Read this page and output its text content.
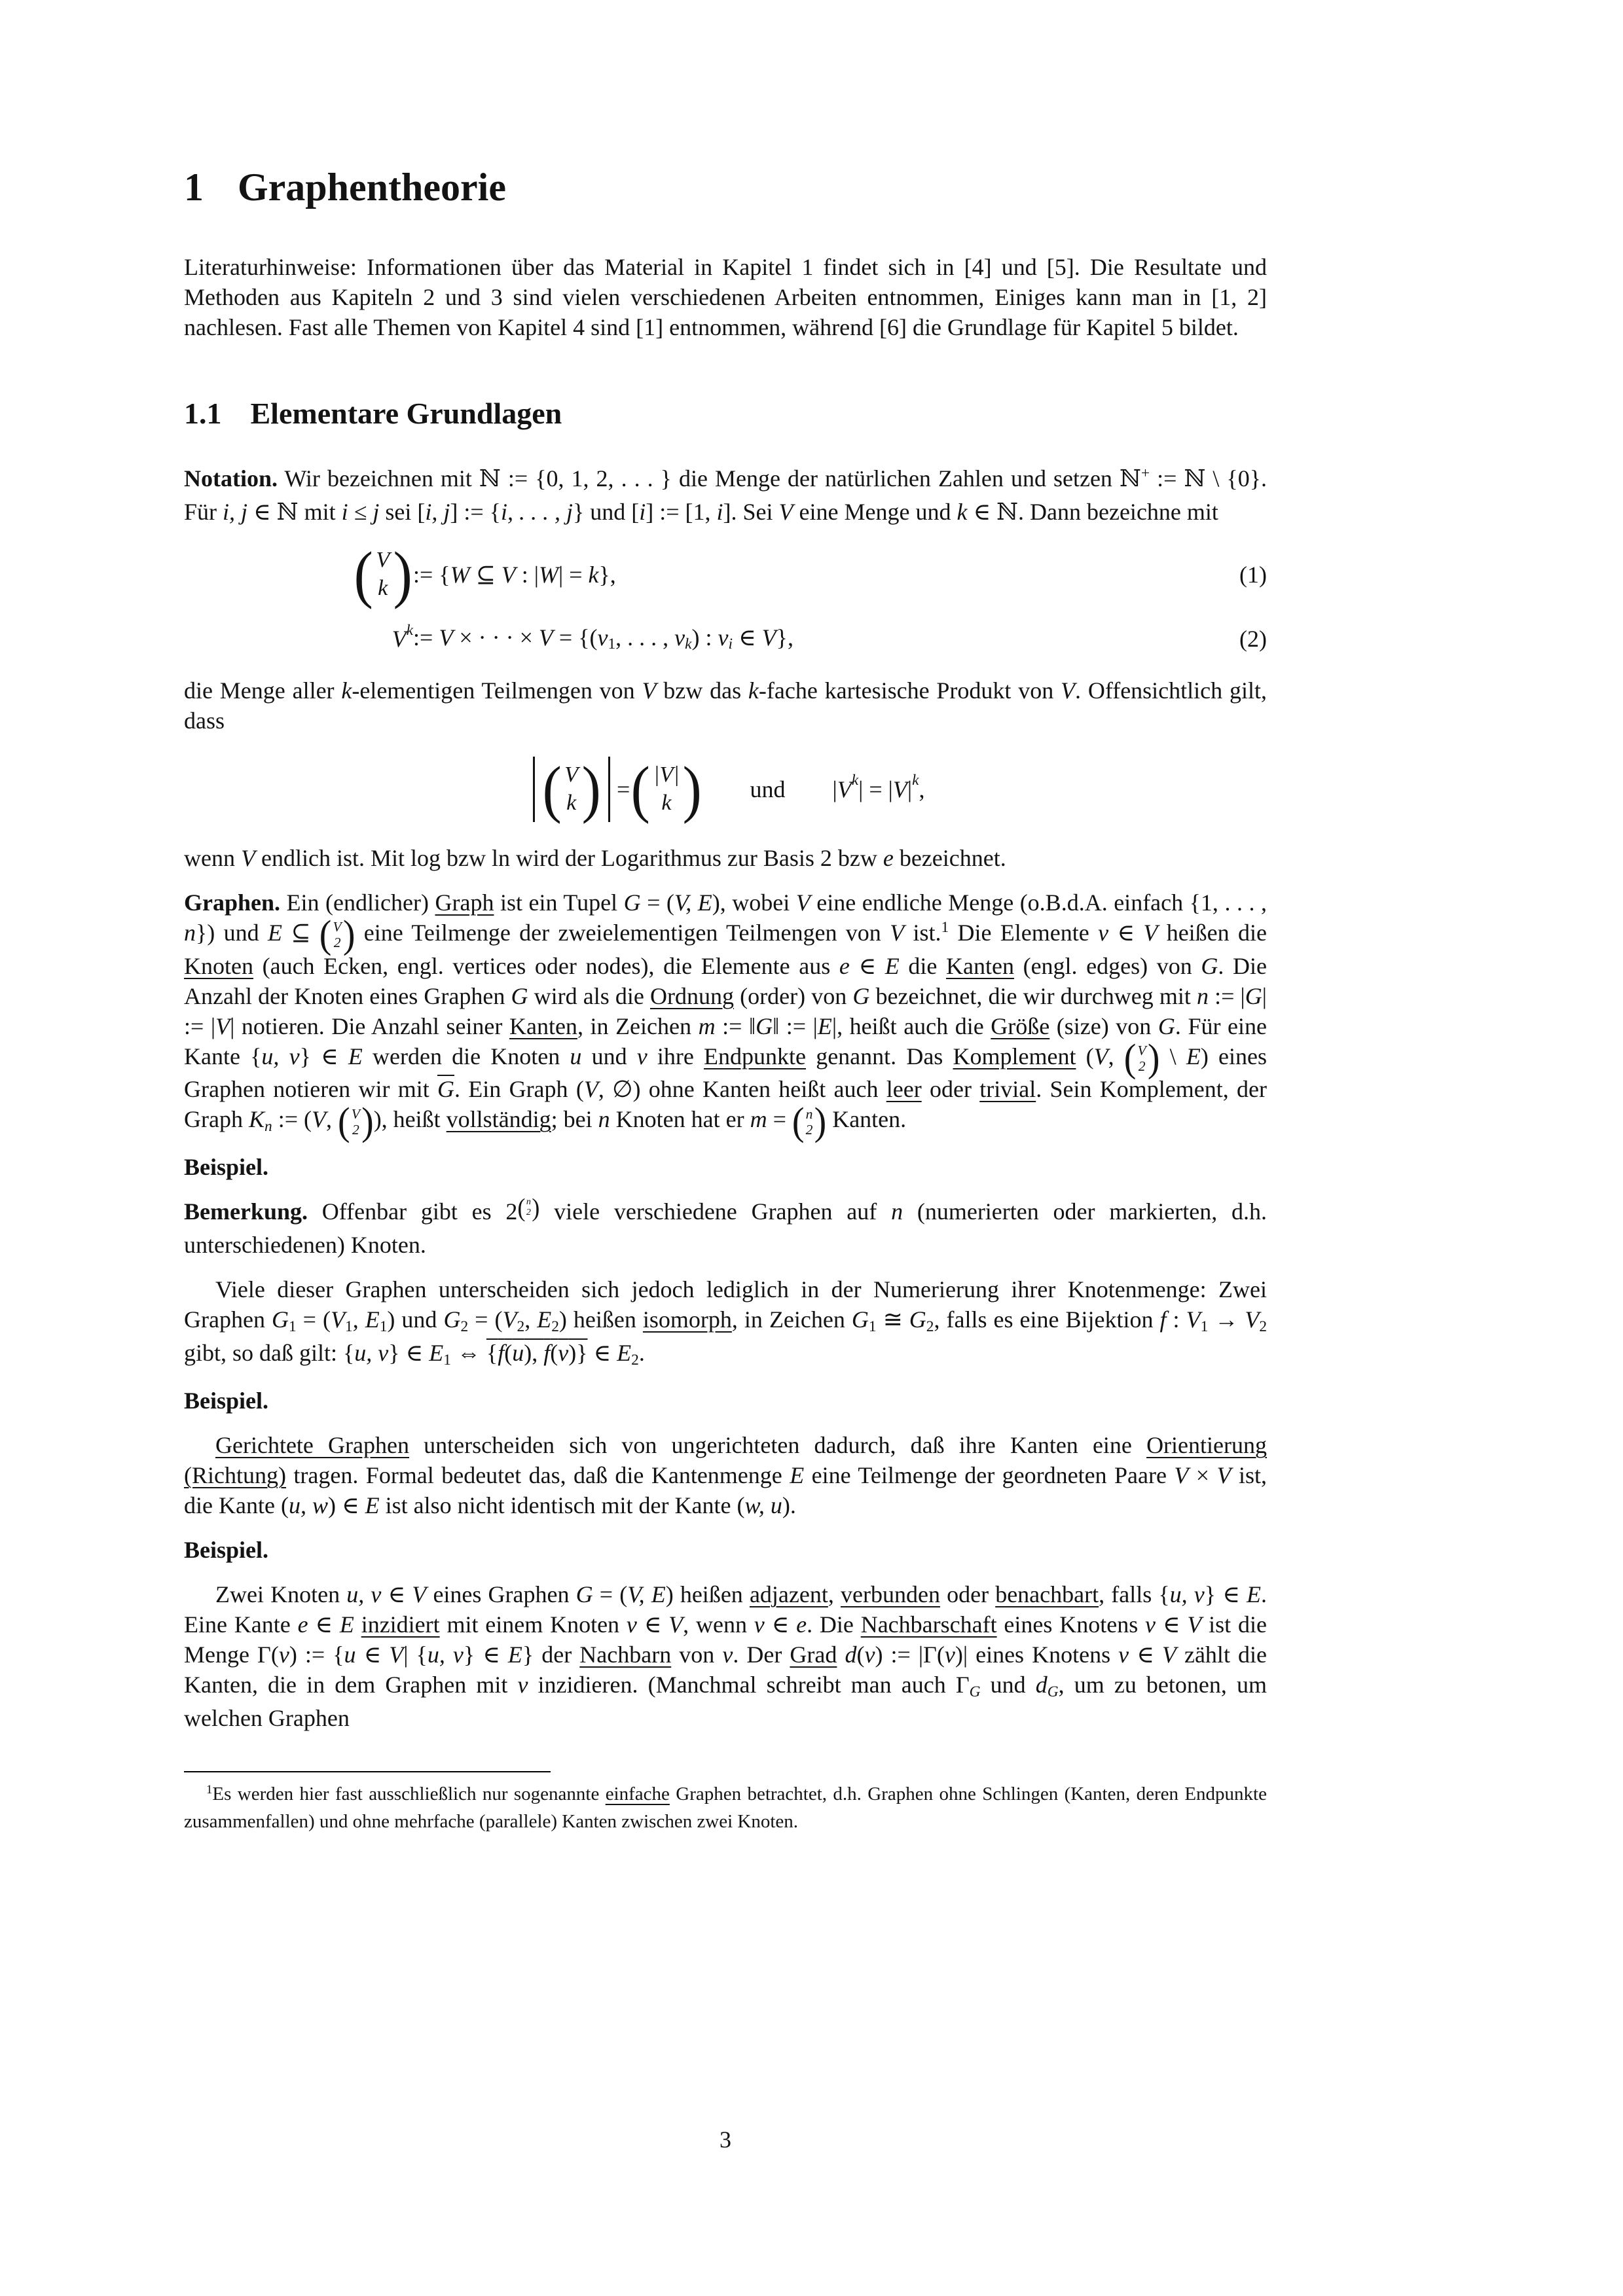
1 Graphentheorie

Literaturhinweise: Informationen über das Material in Kapitel 1 findet sich in [4] und [5]. Die Resultate und Methoden aus Kapiteln 2 und 3 sind vielen verschiedenen Arbeiten entnommen, Einiges kann man in [1, 2] nachlesen. Fast alle Themen von Kapitel 4 sind [1] entnommen, während [6] die Grundlage für Kapitel 5 bildet.

1.1 Elementare Grundlagen

Notation. Wir bezeichnen mit ℕ := {0, 1, 2, . . . } die Menge der natürlichen Zahlen und setzen ℕ+ := ℕ \ {0}. Für i, j ∈ ℕ mit i ≤ j sei [i, j] := {i, . . . , j} und [i] := [1, i]. Sei V eine Menge und k ∈ ℕ. Dann bezeichne mit

( V
k ) := {W ⊆ V : |W| = k},	(1)
V k := V × · · · × V = {(v1, . . . , vk) : vi ∈ V},	(2)

die Menge aller k-elementigen Teilmengen von V bzw das k-fache kartesische Produkt von V. Offensichtlich gilt, dass

( V
k ) = ( |V|
k )   und   | V k | = | V | k ,

wenn V endlich ist. Mit log bzw ln wird der Logarithmus zur Basis 2 bzw e bezeichnet.

Graphen. Ein (endlicher) Graph ist ein Tupel G = (V, E), wobei V eine endliche Menge (o.B.d.A. einfach {1, . . . , n}) und E ⊆ ( V
2 ) eine Teilmenge der zweielementigen Teilmengen von V ist.$^1$ Die Elemente v ∈ V heißen die Knoten (auch Ecken, engl. vertices oder nodes), die Elemente aus e ∈ E die Kanten (engl. edges) von G. Die Anzahl der Knoten eines Graphen G wird als die Ordnung (order) von G bezeichnet, die wir durchweg mit n := |G| := |V| notieren. Die Anzahl seiner Kanten, in Zeichen m := ‖G‖ := |E|, heißt auch die Größe (size) von G. Für eine Kante {u, v} ∈ E werden die Knoten u und v ihre Endpunkte genannt. Das Komplement (V, ( V
2 ) \ E) eines Graphen notieren wir mit $\overline{G}$. Ein Graph (V, ∅) ohne Kanten heißt auch leer oder trivial. Sein Komplement, der Graph Kn := (V, ( V
2 ) ), heißt vollständig; bei n Knoten hat er m = ( n
2 ) Kanten.

Beispiel.

Bemerkung. Offenbar gibt es 2 $^{( n 2 )}$ viele verschiedene Graphen auf n (numerierten oder markierten, d.h. unterschiedenen) Knoten.

Viele dieser Graphen unterscheiden sich jedoch lediglich in der Numerierung ihrer Knotenmenge: Zwei Graphen G1 = (V1, E1) und G2 = (V2, E2) heißen isomorph, in Zeichen G1 ≅ G2, falls es eine Bijektion f : V1 → V2 gibt, so daß gilt: {u, v} ∈ E1 ⇔ {f(u), f(v)} ∈ E2.

Beispiel.

Gerichtete Graphen unterscheiden sich von ungerichteten dadurch, daß ihre Kanten eine Orientierung (Richtung) tragen. Formal bedeutet das, daß die Kantenmenge E eine Teilmenge der geordneten Paare V × V ist, die Kante (u, w) ∈ E ist also nicht identisch mit der Kante (w, u).

Beispiel.

Zwei Knoten u, v ∈ V eines Graphen G = (V, E) heißen adjazent, verbunden oder benachbart, falls {u, v} ∈ E. Eine Kante e ∈ E inzidiert mit einem Knoten v ∈ V, wenn v ∈ e. Die Nachbarschaft eines Knotens v ∈ V ist die Menge Γ(v) := {u ∈ V| {u, v} ∈ E} der Nachbarn von v. Der Grad d(v) := |Γ(v)| eines Knotens v ∈ V zählt die Kanten, die in dem Graphen mit v inzidieren. (Manchmal schreibt man auch ΓG und dG, um zu betonen, um welchen Graphen

$^1$Es werden hier fast ausschließlich nur sogenannte einfache Graphen betrachtet, d.h. Graphen ohne Schlingen (Kanten, deren Endpunkte zusammenfallen) und ohne mehrfache (parallele) Kanten zwischen zwei Knoten.

3
